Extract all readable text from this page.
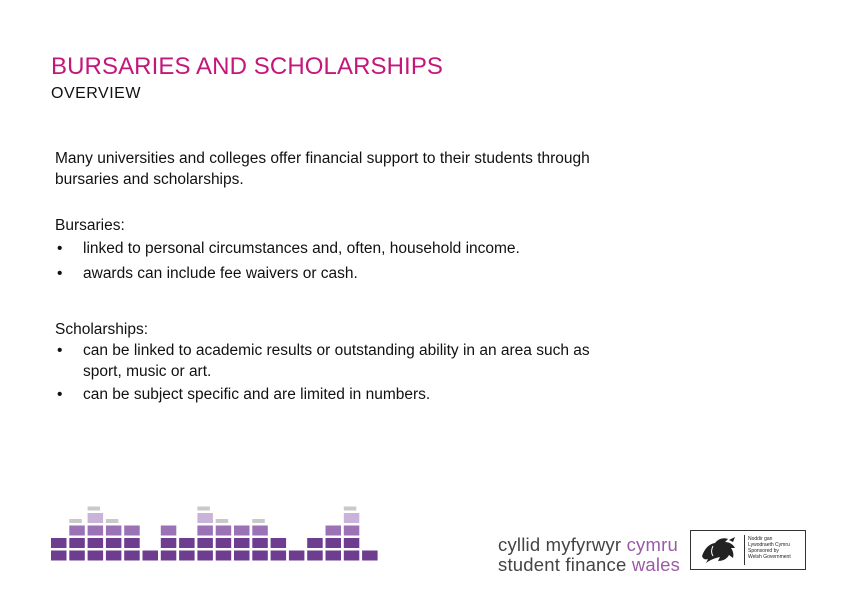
BURSARIES AND SCHOLARSHIPS
OVERVIEW
Many universities and colleges offer financial support to their students through bursaries and scholarships.
Bursaries:
• linked to personal circumstances and, often, household income.
• awards can include fee waivers or cash.
Scholarships:
• can be linked to academic results or outstanding ability in an area such as sport, music or art.
• can be subject specific and are limited in numbers.
cyllid myfyrwyr cymru
student finance wales
Noddir gan
Lywodraeth Cymru
Sponsored by
Welsh Government
